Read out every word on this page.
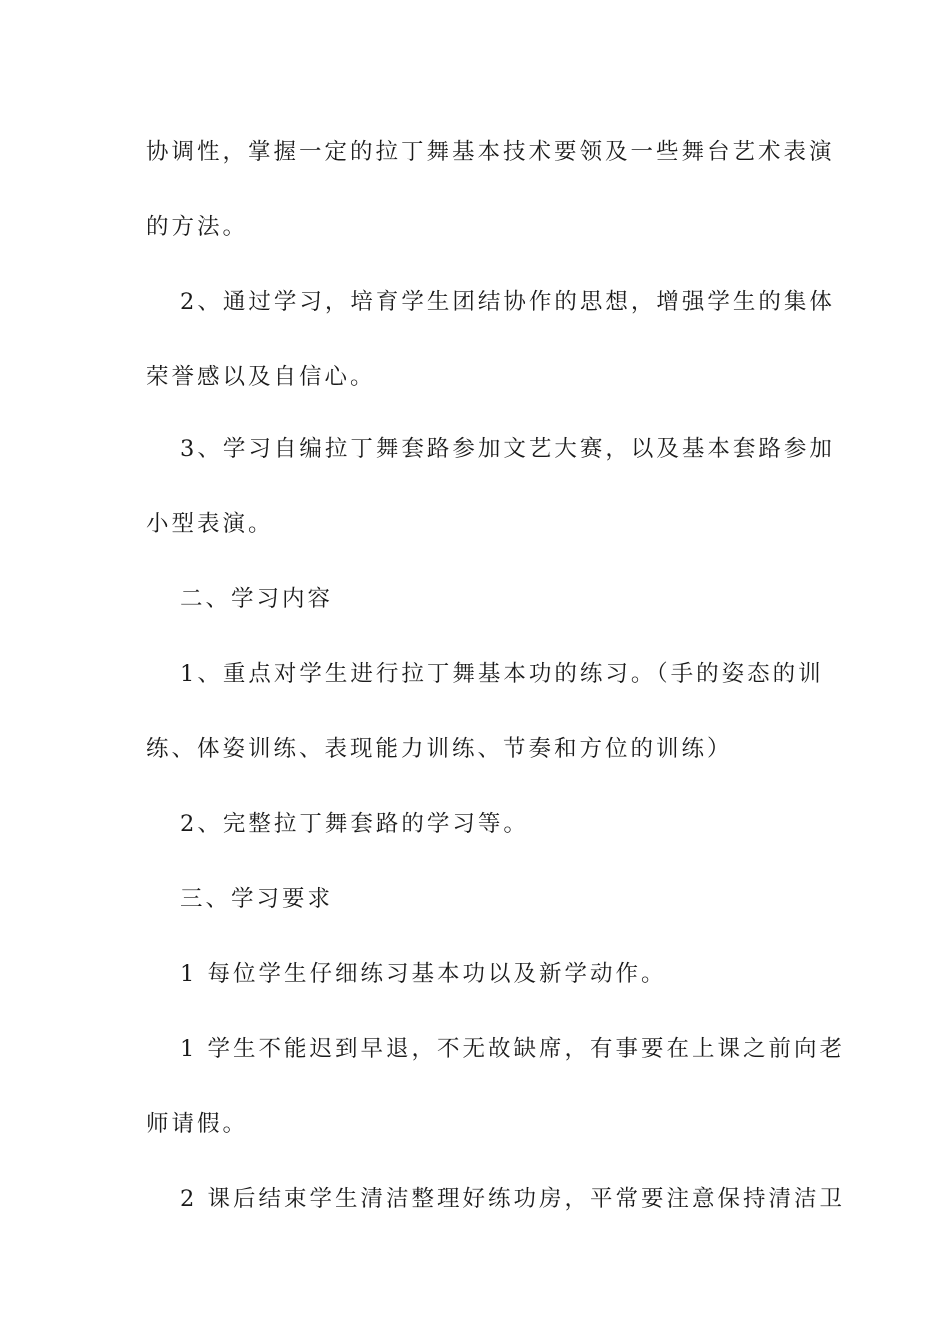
协调性，掌握一定的拉丁舞基本技术要领及一些舞台艺术表演
的方法。
2、通过学习，培育学生团结协作的思想，增强学生的集体
荣誉感以及自信心。
3、学习自编拉丁舞套路参加文艺大赛，以及基本套路参加
小型表演。
二、学习内容
1、重点对学生进行拉丁舞基本功的练习。（手的姿态的训
练、体姿训练、表现能力训练、节奏和方位的训练）
2、完整拉丁舞套路的学习等。
三、学习要求
1 每位学生仔细练习基本功以及新学动作。
1 学生不能迟到早退，不无故缺席，有事要在上课之前向老
师请假。
2 课后结束学生清洁整理好练功房，平常要注意保持清洁卫
